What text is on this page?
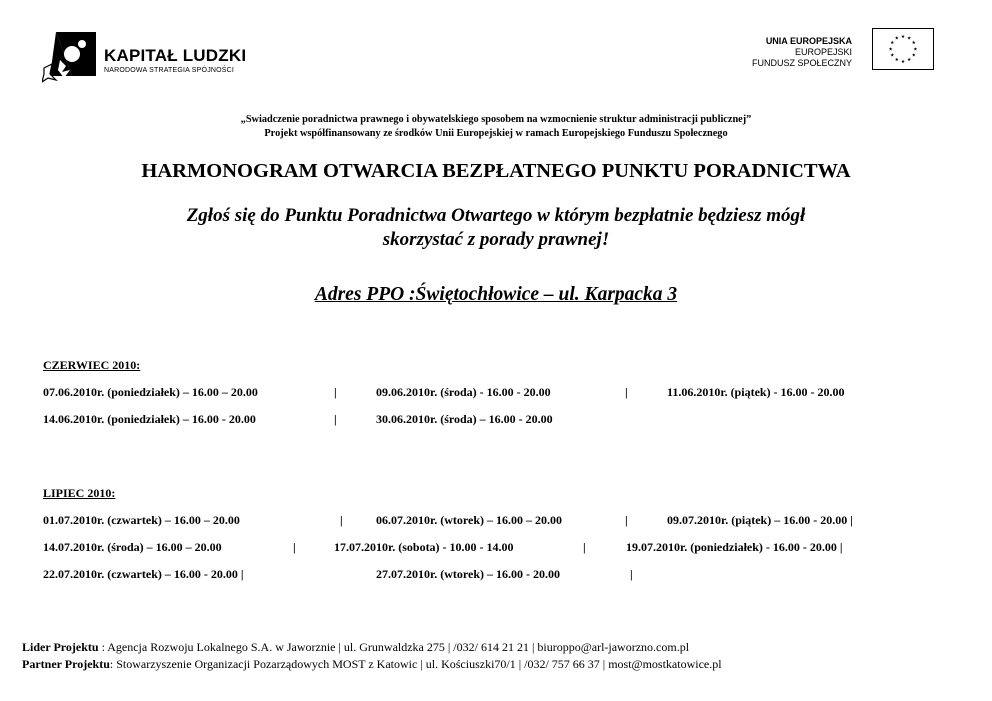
KAPITAŁ LUDZKI
NARODOWA STRATEGIA SPÓJNOŚCI
UNIA EUROPEJSKA
EUROPEJSKI
FUNDUSZ SPOŁECZNY
★ ★
★
★
★
★
★
★
★
★
★
★
„Swiadczenie poradnictwa prawnego i obywatelskiego sposobem na wzmocnienie struktur administracji publicznej”
Projekt współfinansowany ze środków Unii Europejskiej w ramach Europejskiego Funduszu Społecznego
HARMONOGRAM OTWARCIA BEZPŁATNEGO PUNKTU PORADNICTWA
Zgłoś się do Punktu Poradnictwa Otwartego w którym bezpłatnie będziesz mógł
skorzystać z porady prawnej!
Adres PPO :Świętochłowice – ul. Karpacka 3
CZERWIEC 2010:
07.06.2010r. (poniedziałek) – 16.00 – 20.00	|	09.06.2010r. (środa) - 16.00 - 20.00	|	11.06.2010r. (piątek) - 16.00 - 20.00
14.06.2010r. (poniedziałek) – 16.00 - 20.00	|	30.06.2010r. (środa) – 16.00 - 20.00
LIPIEC 2010:
01.07.2010r. (czwartek) – 16.00 – 20.00	|	06.07.2010r. (wtorek) – 16.00 – 20.00	|	09.07.2010r. (piątek) – 16.00 - 20.00 |
14.07.2010r. (środa) – 16.00 – 20.00	|	17.07.2010r. (sobota) - 10.00 - 14.00	|	19.07.2010r. (poniedziałek) - 16.00 - 20.00 |
22.07.2010r. (czwartek) – 16.00 - 20.00 |	27.07.2010r. (wtorek) – 16.00 - 20.00	|
Lider Projektu : Agencja Rozwoju Lokalnego S.A. w Jaworznie | ul. Grunwaldzka 275 | /032/ 614 21 21 | biuroppo@arl-jaworzno.com.pl
Partner Projektu: Stowarzyszenie Organizacji Pozarządowych MOST z Katowic | ul. Kościuszki70/1 | /032/ 757 66 37 | most@mostkatowice.pl
